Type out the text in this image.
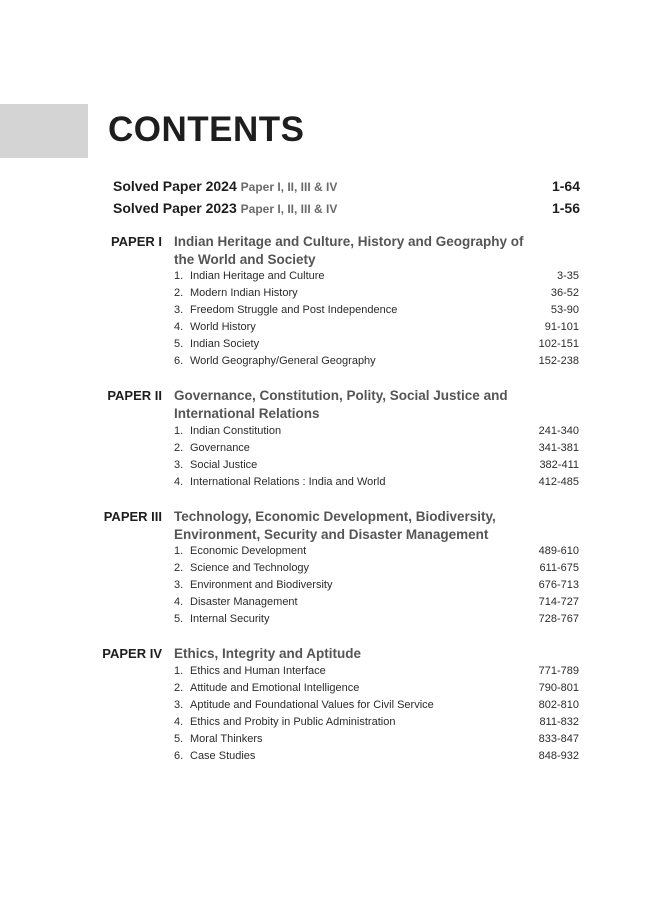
CONTENTS
Solved Paper 2024 Paper I, II, III & IV	1-64
Solved Paper 2023 Paper I, II, III & IV	1-56
PAPER I Indian Heritage and Culture, History and Geography of
the World and Society
1. Indian Heritage and Culture	3-35
2. Modern Indian History	36-52
3. Freedom Struggle and Post Independence	53-90
4. World History	91-101
5. Indian Society	102-151
6. World Geography/General Geography	152-238
PAPER II Governance, Constitution, Polity, Social Justice and
International Relations
1. Indian Constitution	241-340
2. Governance	341-381
3. Social Justice	382-411
4. International Relations : India and World	412-485
PAPER III Technology, Economic Development, Biodiversity,
Environment, Security and Disaster Management
1. Economic Development	489-610
2. Science and Technology	611-675
3. Environment and Biodiversity	676-713
4. Disaster Management	714-727
5. Internal Security	728-767
PAPER IV Ethics, Integrity and Aptitude
1. Ethics and Human Interface	771-789
2. Attitude and Emotional Intelligence	790-801
3. Aptitude and Foundational Values for Civil Service	802-810
4. Ethics and Probity in Public Administration	811-832
5. Moral Thinkers	833-847
6. Case Studies	848-932
